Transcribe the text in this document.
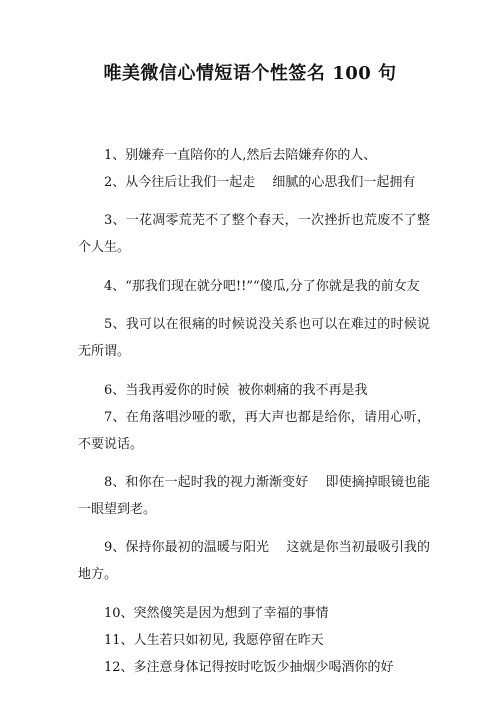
唯美微信心情短语个性签名 100 句

1、别嫌弃一直陪你的人,然后去陪嫌弃你的人、

2、从今往后让我们一起走　 细腻的心思我们一起拥有

3、一花凋零荒芜不了整个春天，一次挫折也荒废不了整个人生。

4、“那我们现在就分吧!!”“傻瓜,分了你就是我的前女友

5、我可以在很痛的时候说没关系也可以在难过的时候说无所谓。

6、当我再爱你的时候  被你刺痛的我不再是我

7、在角落唱沙哑的歌，再大声也都是给你，请用心听，不要说话。

8、和你在一起时我的视力渐渐变好　 即使摘掉眼镜也能一眼望到老。

9、保持你最初的温暖与阳光　 这就是你当初最吸引我的地方。

10、突然傻笑是因为想到了幸福的事情

11、人生若只如初见, 我愿停留在昨天

12、多注意身体记得按时吃饭少抽烟少喝酒你的好
